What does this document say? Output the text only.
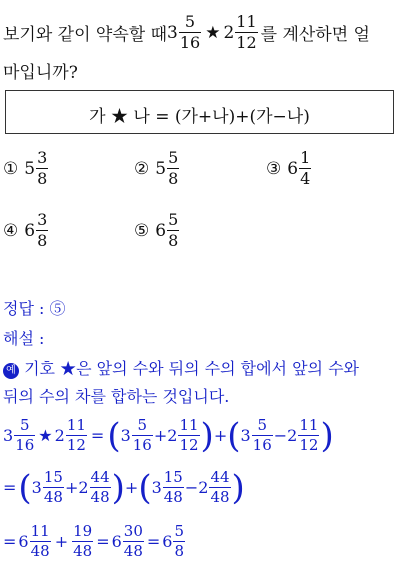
보기와 같이 약속할 때 $3 \frac{5}{16}$ ★ $2 \frac{11}{12}$ 를 계산하면 얼
마입니까?
가 ★ 나 = (가+나)+(가−나)
① $5 \frac{3}{8}$	② $5 \frac{5}{8}$	③ $6 \frac{1}{4}$
④ $6 \frac{3}{8}$	⑤ $6 \frac{5}{8}$
정답 : ⑤
해설 :
예 기호 ★은 앞의 수와 뒤의 수의 합에서 앞의 수와
뒤의 수의 차를 합하는 것입니다.
$3 \frac{5}{16}$ ★ $2 \frac{11}{12}$ = ( $3 \frac{5}{16} + 2 \frac{11}{12}$ ) + ( $3 \frac{5}{16} - 2 \frac{11}{12}$ )
= ( $3 \frac{15}{48} + 2 \frac{44}{48}$ ) + ( $3 \frac{15}{48} - 2 \frac{44}{48}$ )
= $6 \frac{11}{48} + \frac{19}{48} = 6 \frac{30}{48} = 6 \frac{5}{8}$
